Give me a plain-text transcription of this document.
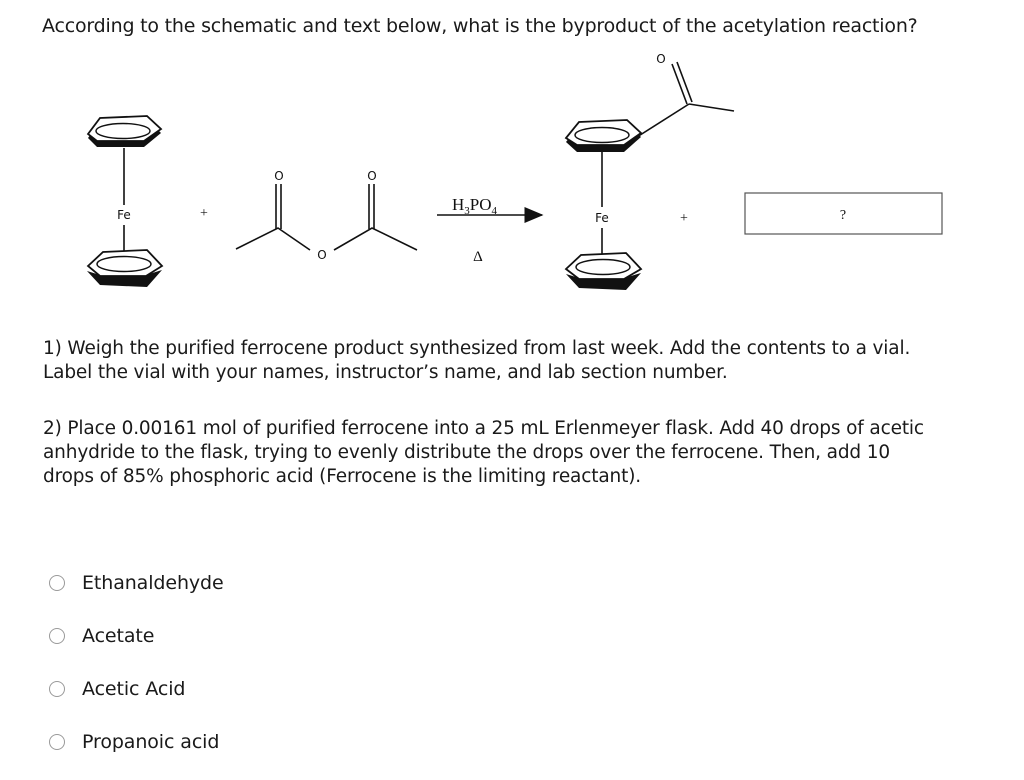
According to the schematic and text below, what is the byproduct of the acetylation reaction?
Fe	+
O	O
O
$H_3PO_4$
Δ
O
Fe	+	?

1) Weigh the purified ferrocene product synthesized from last week. Add the contents to a vial. Label the vial with your names, instructor’s name, and lab section number.

2) Place 0.00161 mol of purified ferrocene into a 25 mL Erlenmeyer flask. Add 40 drops of acetic anhydride to the flask, trying to evenly distribute the drops over the ferrocene. Then, add 10 drops of 85% phosphoric acid (Ferrocene is the limiting reactant).

Ethanaldehyde
Acetate
Acetic Acid
Propanoic acid
